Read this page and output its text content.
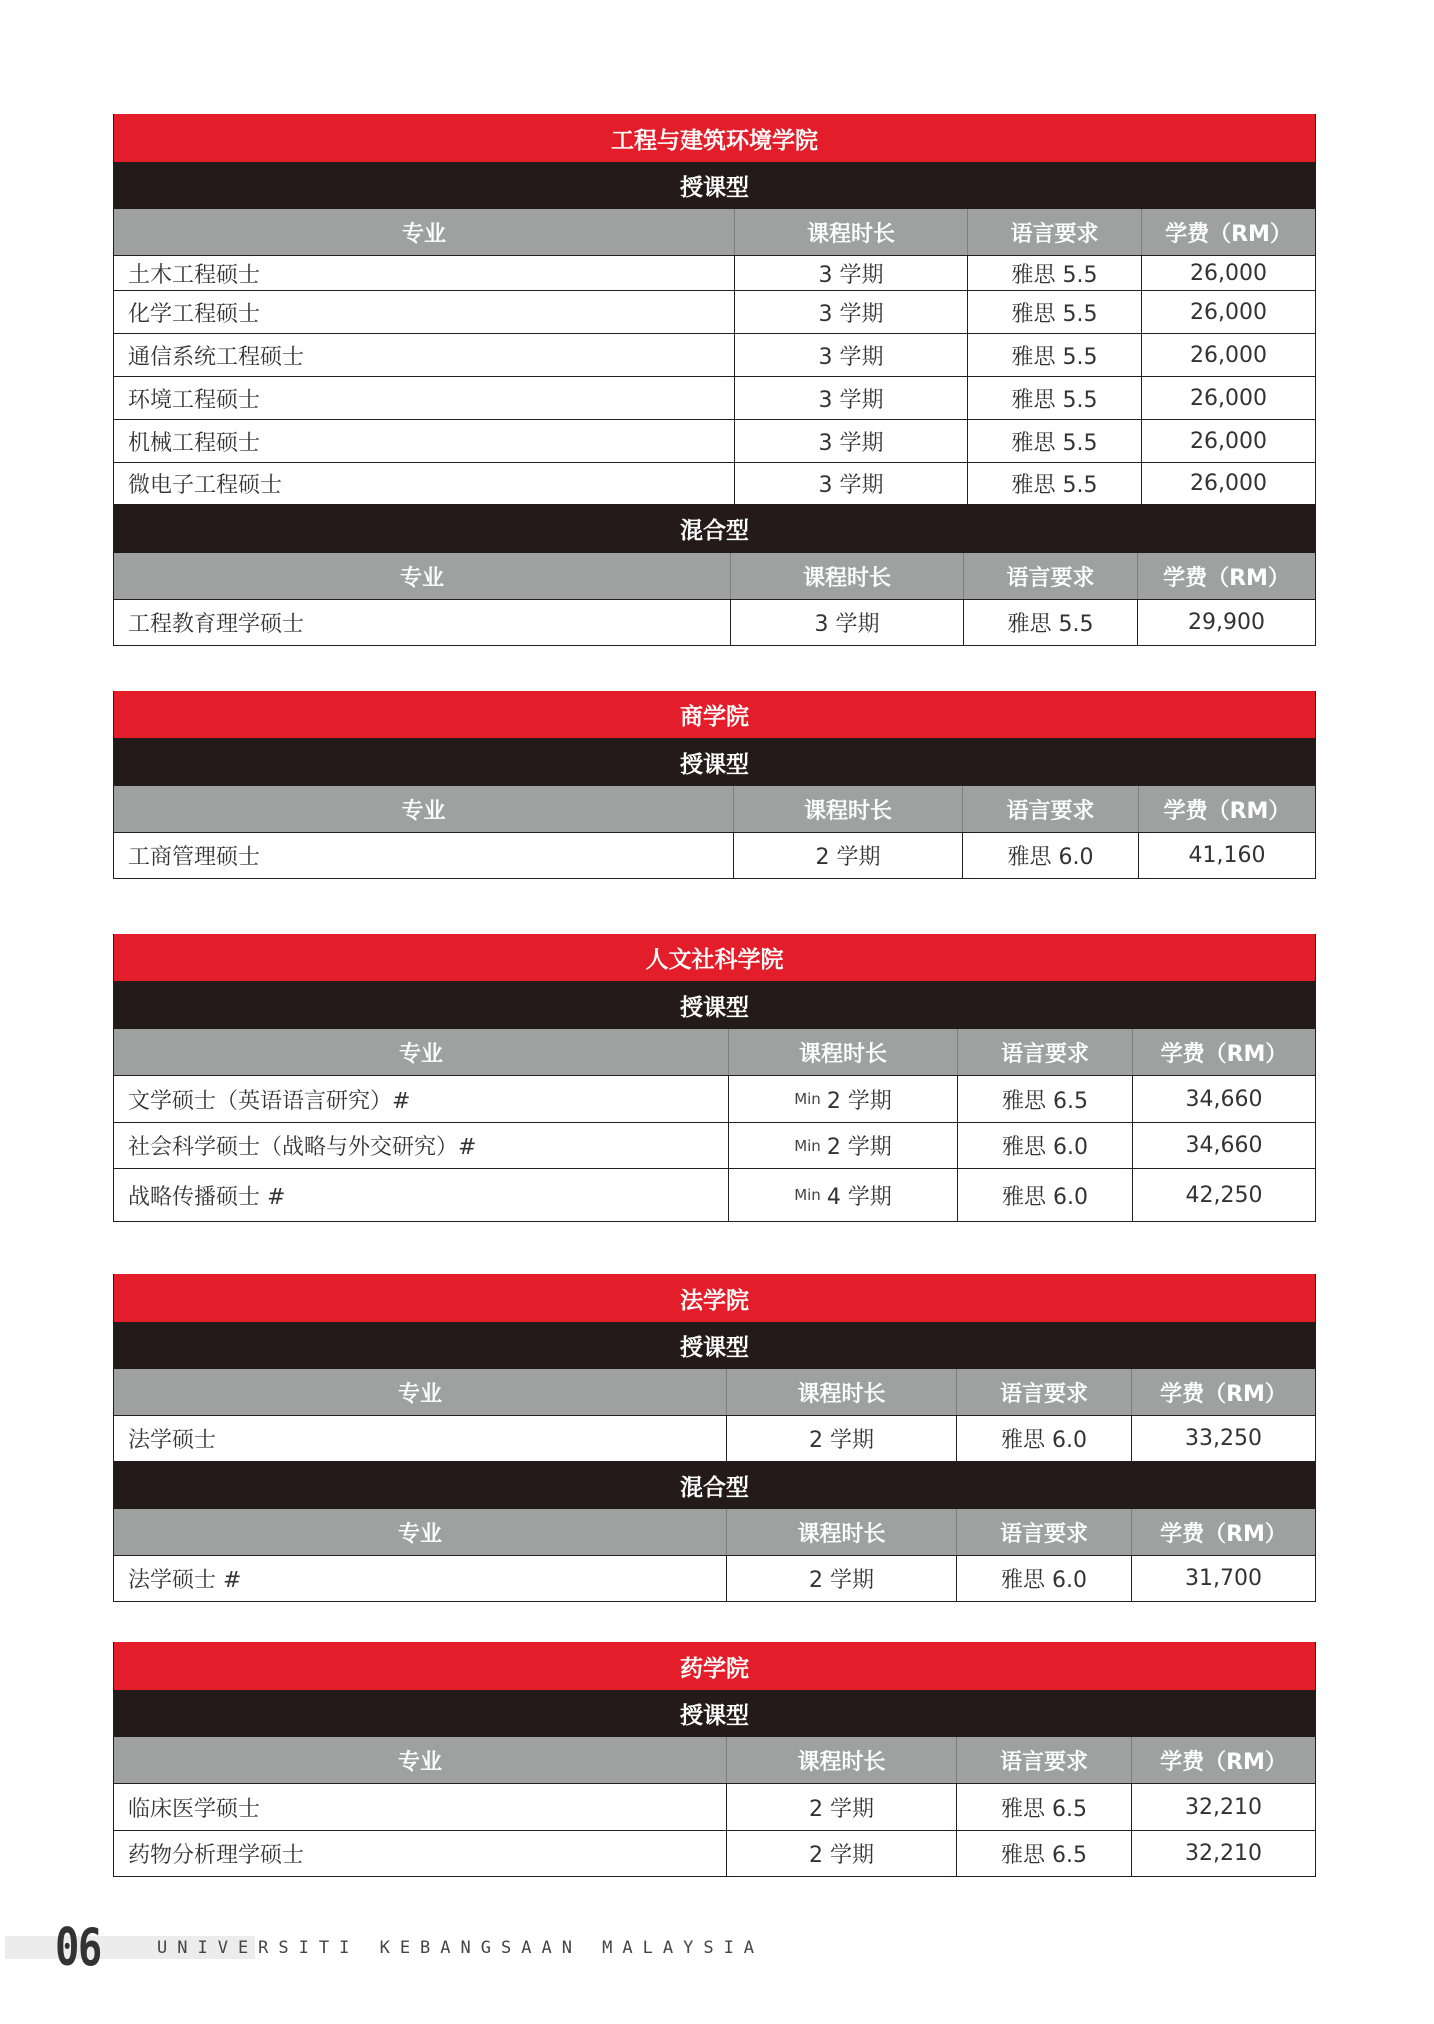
工程与建筑环境学院
授课型
专业	课程时长	语言要求	学费（RM）
土木工程硕士	3 学期	雅思 5.5	26,000
化学工程硕士	3 学期	雅思 5.5	26,000
通信系统工程硕士	3 学期	雅思 5.5	26,000
环境工程硕士	3 学期	雅思 5.5	26,000
机械工程硕士	3 学期	雅思 5.5	26,000
微电子工程硕士	3 学期	雅思 5.5	26,000
混合型
专业	课程时长	语言要求	学费（RM）
工程教育理学硕士	3 学期	雅思 5.5	29,900
商学院
授课型
专业	课程时长	语言要求	学费（RM）
工商管理硕士	2 学期	雅思 6.0	41,160
人文社科学院
授课型
专业	课程时长	语言要求	学费（RM）
文学硕士（英语语言研究）#	Min 2 学期	雅思 6.5	34,660
社会科学硕士（战略与外交研究）#	Min 2 学期	雅思 6.0	34,660
战略传播硕士 #	Min 4 学期	雅思 6.0	42,250
法学院
授课型
专业	课程时长	语言要求	学费（RM）
法学硕士	2 学期	雅思 6.0	33,250
混合型
专业	课程时长	语言要求	学费（RM）
法学硕士 #	2 学期	雅思 6.0	31,700
药学院
授课型
专业	课程时长	语言要求	学费（RM）
临床医学硕士	2 学期	雅思 6.5	32,210
药物分析理学硕士	2 学期	雅思 6.5	32,210
06	UNIVERSITI KEBANGSAAN MALAYSIA
